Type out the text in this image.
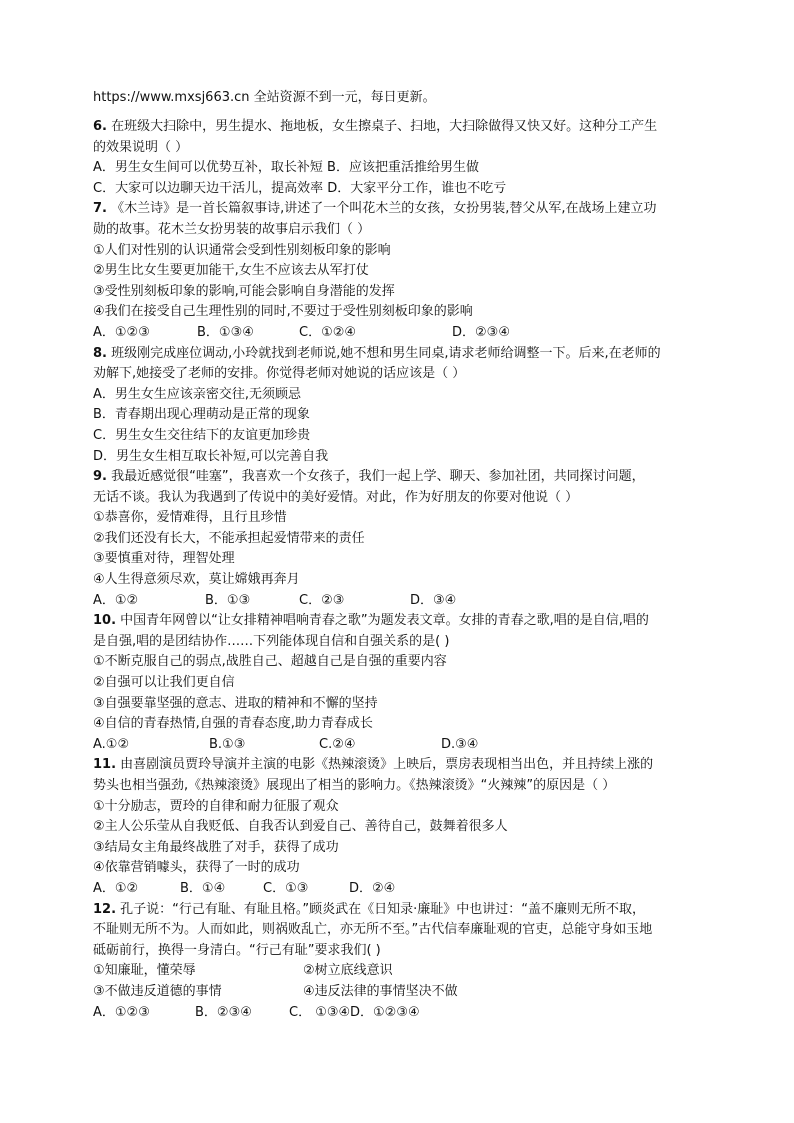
https://www.mxsj663.cn 全站资源不到一元，每日更新。
6. 在班级大扫除中，男生提水、拖地板，女生擦桌子、扫地，大扫除做得又快又好。这种分工产生
的效果说明（ ）
A．男生女生间可以优势互补，取长补短 B．应该把重活推给男生做
C．大家可以边聊天边干活儿，提高效率 D．大家平分工作，谁也不吃亏
7. 《木兰诗》是一首长篇叙事诗,讲述了一个叫花木兰的女孩，女扮男装,替父从军,在战场上建立功
勋的故事。花木兰女扮男装的故事启示我们（ ）
①人们对性别的认识通常会受到性别刻板印象的影响
②男生比女生要更加能干,女生不应该去从军打仗
③受性别刻板印象的影响,可能会影响自身潜能的发挥
④我们在接受自己生理性别的同时,不要过于受性别刻板印象的影响
A．①②③	B．①③④	C．①②④	D．②③④
8. 班级刚完成座位调动,小玲就找到老师说,她不想和男生同桌,请求老师给调整一下。后来,在老师的
劝解下,她接受了老师的安排。你觉得老师对她说的话应该是（ ）
A．男生女生应该亲密交往,无须顾忌
B．青春期出现心理萌动是正常的现象
C．男生女生交往结下的友谊更加珍贵
D．男生女生相互取长补短,可以完善自我
9. 我最近感觉很“哇塞”，我喜欢一个女孩子，我们一起上学、聊天、参加社团，共同探讨问题，
无话不谈。我认为我遇到了传说中的美好爱情。对此，作为好朋友的你要对他说（ ）
①恭喜你，爱情难得，且行且珍惜
②我们还没有长大，不能承担起爱情带来的责任
③要慎重对待，理智处理
④人生得意须尽欢，莫让嫦娥再奔月
A．①②	B．①③	C．②③	D．③④
10. 中国青年网曾以“让女排精神唱响青春之歌”为题发表文章。女排的青春之歌,唱的是自信,唱的
是自强,唱的是团结协作……下列能体现自信和自强关系的是( )
①不断克服自己的弱点,战胜自己、超越自己是自强的重要内容
②自强可以让我们更自信
③自强要靠坚强的意志、进取的精神和不懈的坚持
④自信的青春热情,自强的青春态度,助力青春成长
A.①②	B.①③	C.②④	D.③④
11. 由喜剧演员贾玲导演并主演的电影《热辣滚烫》上映后，票房表现相当出色，并且持续上涨的
势头也相当强劲,《热辣滚烫》展现出了相当的影响力。《热辣滚烫》“火辣辣”的原因是（ ）
①十分励志，贾玲的自律和耐力征服了观众
②主人公乐莹从自我贬低、自我否认到爱自己、善待自己，鼓舞着很多人
③结局女主角最终战胜了对手，获得了成功
④依靠营销噱头，获得了一时的成功
A．①②	B．①④	C．①③	D．②④
12. 孔子说：“行己有耻、有耻且格。”顾炎武在《日知录·廉耻》中也讲过：“盖不廉则无所不取，
不耻则无所不为。人而如此，则祸败乱亡，亦无所不至。”古代信奉廉耻观的官吏，总能守身如玉地
砥砺前行，换得一身清白。“行己有耻”要求我们( )
①知廉耻，懂荣辱	②树立底线意识
③不做违反道德的事情	④违反法律的事情坚决不做
A．①②③	B．②③④	C． ①③④ D．①②③④
